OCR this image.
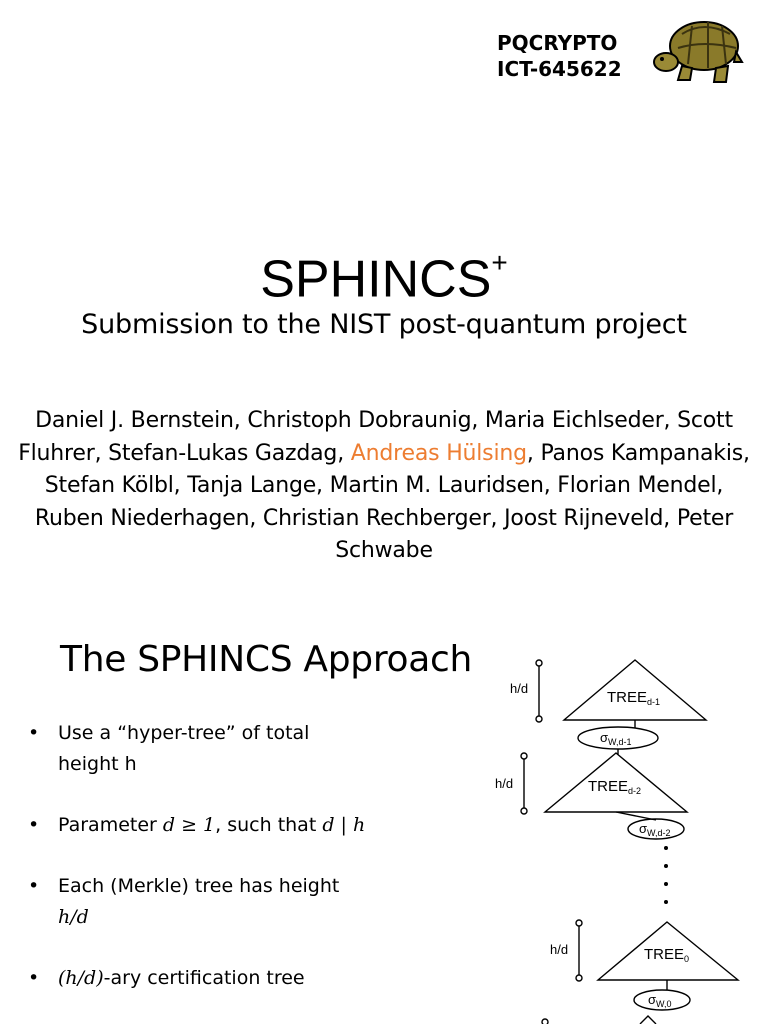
PQCRYPTO
ICT-645622
SPHINCS+
Submission to the NIST post-quantum project
Daniel J. Bernstein, Christoph Dobraunig, Maria Eichlseder, Scott Fluhrer, Stefan-Lukas Gazdag, Andreas Hülsing, Panos Kampanakis, Stefan Kölbl, Tanja Lange, Martin M. Lauridsen, Florian Mendel, Ruben Niederhagen, Christian Rechberger, Joost Rijneveld, Peter Schwabe
The SPHINCS Approach
• Use a “hyper-tree” of total height h
• Parameter d ≥ 1, such that d | h
• Each (Merkle) tree has height
h/d
• (h/d)-ary certification tree
h/d
h/d
h/d
$TREE_{d-1}$
$TREE_{d-2}$
$TREE_0$
$\sigma_{W,d-1}$
$\sigma_{W,d-2}$
$\sigma_{W,0}$
